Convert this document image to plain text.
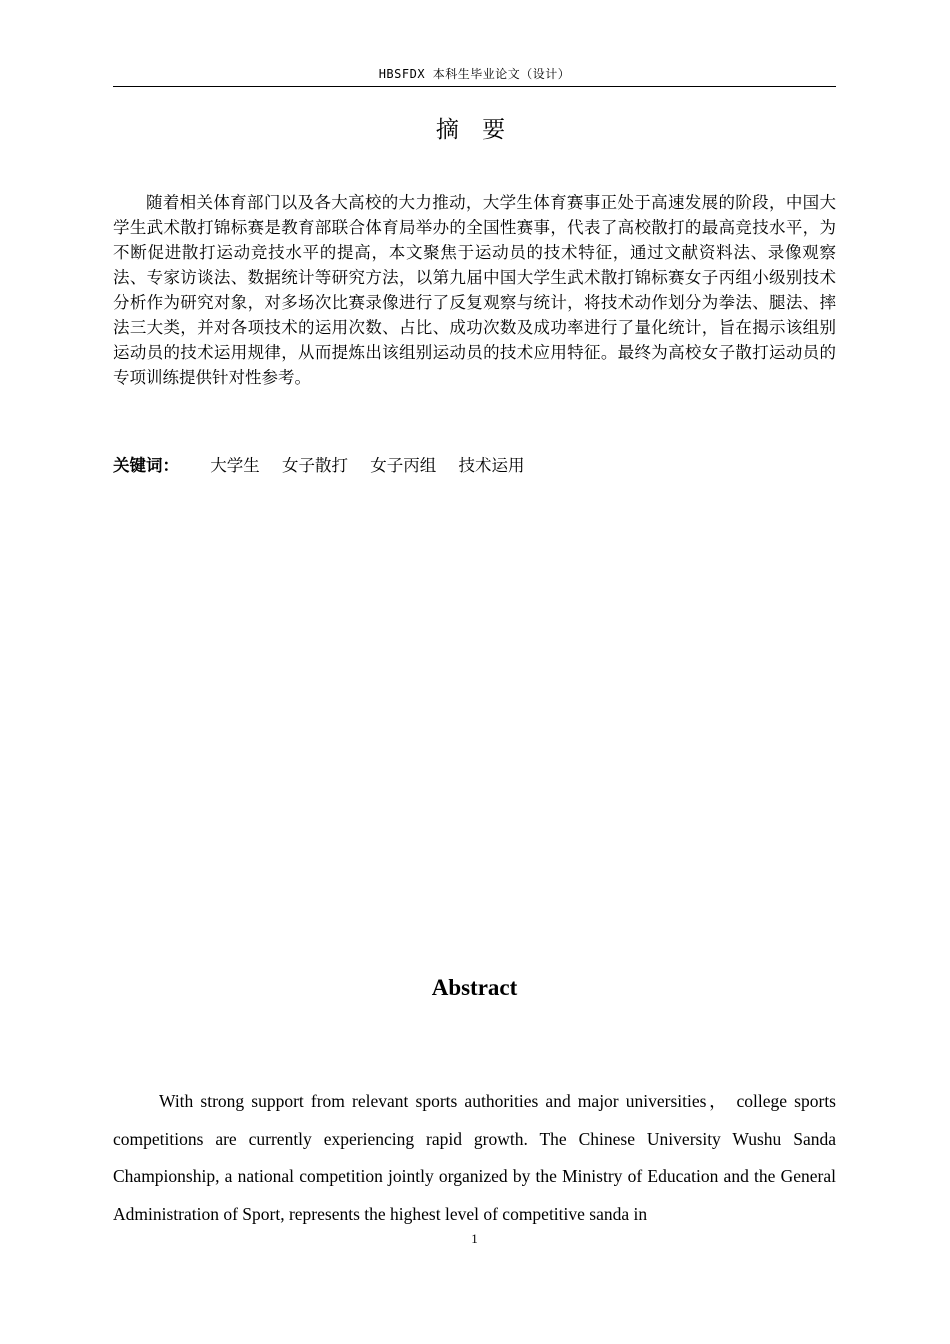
HBSFDX 本科生毕业论文（设计）
摘 要

随着相关体育部门以及各大高校的大力推动，大学生体育赛事正处于高速发展的阶段，中国大学生武术散打锦标赛是教育部联合体育局举办的全国性赛事，代表了高校散打的最高竞技水平，为不断促进散打运动竞技水平的提高，本文聚焦于运动员的技术特征，通过文献资料法、录像观察法、专家访谈法、数据统计等研究方法，以第九届中国大学生武术散打锦标赛女子丙组小级别技术分析作为研究对象，对多场次比赛录像进行了反复观察与统计，将技术动作划分为拳法、腿法、摔法三大类，并对各项技术的运用次数、占比、成功次数及成功率进行了量化统计，旨在揭示该组别运动员的技术运用规律，从而提炼出该组别运动员的技术应用特征。最终为高校女子散打运动员的专项训练提供针对性参考。

关键词： 大学生 女子散打 女子丙组 技术运用
Abstract

With strong support from relevant sports authorities and major universities， college sports competitions are currently experiencing rapid growth. The Chinese University Wushu Sanda Championship, a national competition jointly organized by the Ministry of Education and the General Administration of Sport, represents the highest level of competitive sanda in

1
